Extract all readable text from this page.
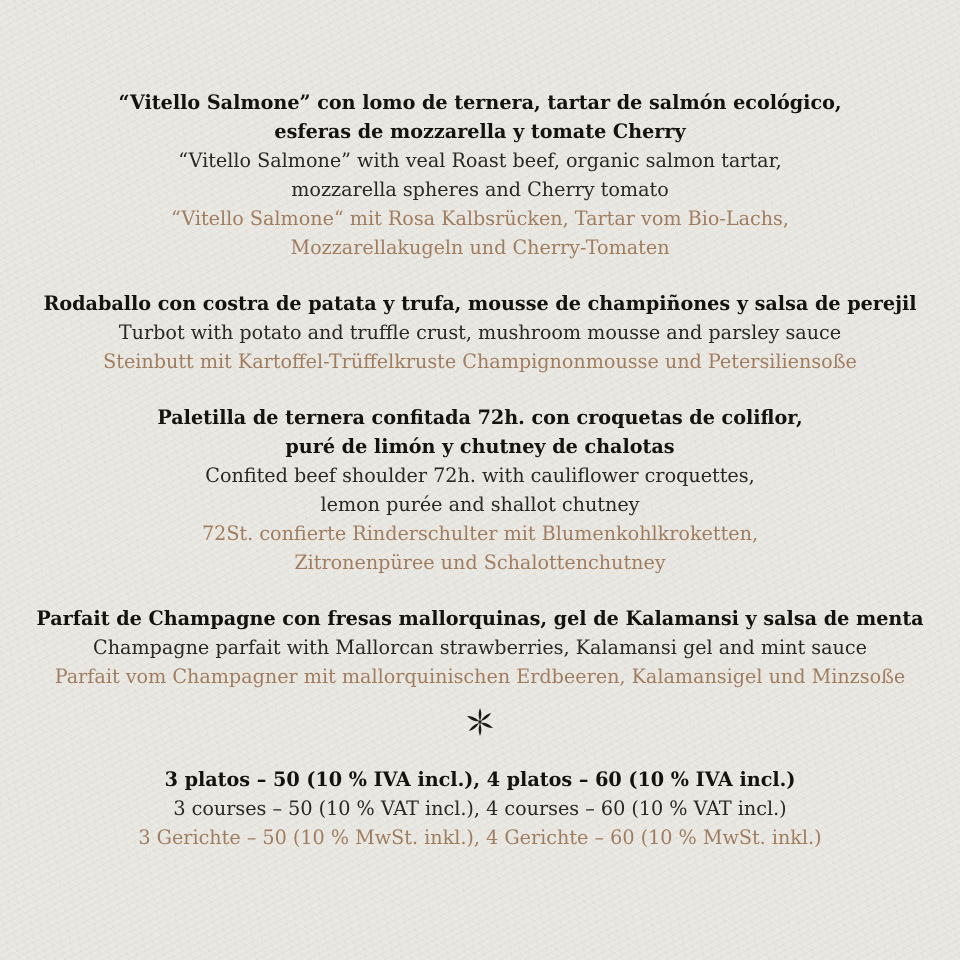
“Vitello Salmone” con lomo de ternera, tartar de salmón ecológico,
esferas de mozzarella y tomate Cherry
“Vitello Salmone” with veal Roast beef, organic salmon tartar,
mozzarella spheres and Cherry tomato
“Vitello Salmone“ mit Rosa Kalbsrücken, Tartar vom Bio-Lachs,
Mozzarellakugeln und Cherry-Tomaten
Rodaballo con costra de patata y trufa, mousse de champiñones y salsa de perejil
Turbot with potato and truffle crust, mushroom mousse and parsley sauce
Steinbutt mit Kartoffel-Trüffelkruste Champignonmousse und Petersiliensoße
Paletilla de ternera confitada 72h. con croquetas de coliflor,
puré de limón y chutney de chalotas
Confited beef shoulder 72h. with cauliflower croquettes,
lemon purée and shallot chutney
72St. confierte Rinderschulter mit Blumenkohlkroketten,
Zitronenpüree und Schalottenchutney
Parfait de Champagne con fresas mallorquinas, gel de Kalamansi y salsa de menta
Champagne parfait with Mallorcan strawberries, Kalamansi gel and mint sauce
Parfait vom Champagner mit mallorquinischen Erdbeeren, Kalamansigel und Minzsoße
3 platos – 50 (10 % IVA incl.), 4 platos – 60 (10 % IVA incl.)
3 courses – 50 (10 % VAT incl.), 4 courses – 60 (10 % VAT incl.)
3 Gerichte – 50 (10 % MwSt. inkl.), 4 Gerichte – 60 (10 % MwSt. inkl.)
